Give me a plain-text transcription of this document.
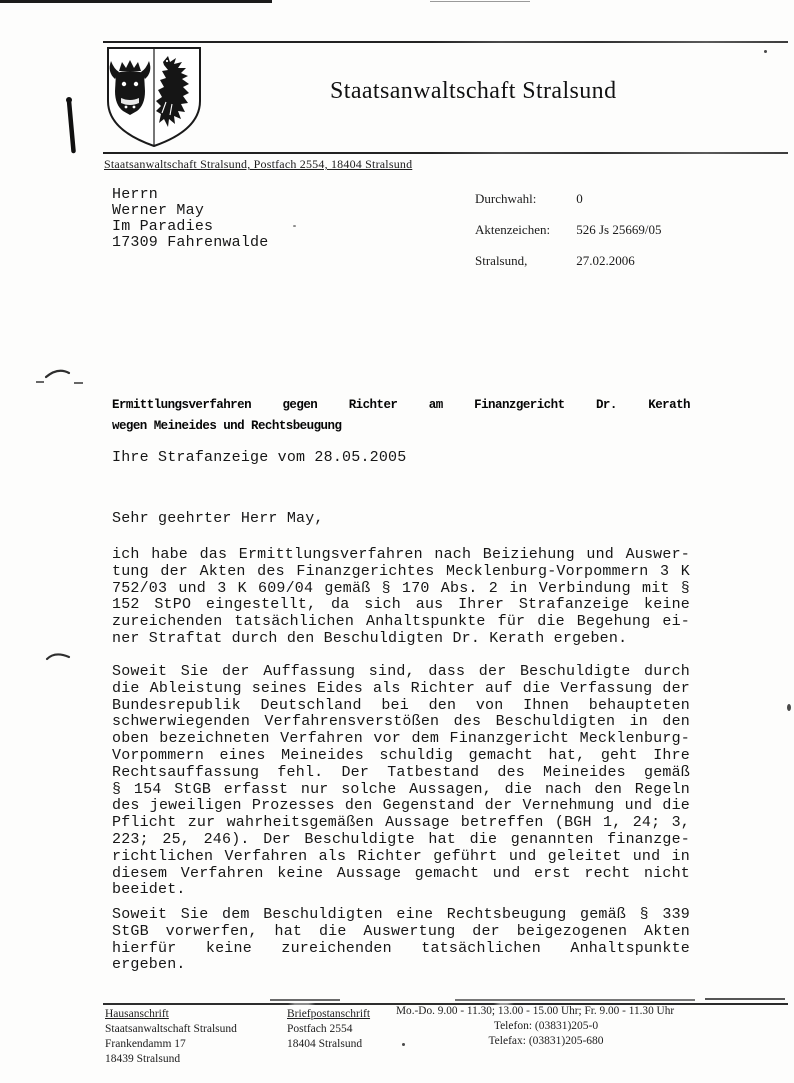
Staatsanwaltschaft Stralsund
Staatsanwaltschaft Stralsund, Postfach 2554, 18404 Stralsund
Herrn
Werner May
Im Paradies
17309 Fahrenwalde
Durchwahl:	0
Aktenzeichen: 526 Js 25669/05
Stralsund,	27.02.2006
Ermittlungsverfahren gegen Richter am Finanzgericht Dr. Kerath
wegen Meineides und Rechtsbeugung
Ihre Strafanzeige vom 28.05.2005
Sehr geehrter Herr May,
ich habe das Ermittlungsverfahren nach Beiziehung und Auswer-
tung der Akten des Finanzgerichtes Mecklenburg-Vorpommern 3 K
752/03 und 3 K 609/04 gemäß § 170 Abs. 2 in Verbindung mit §
152 StPO eingestellt, da sich aus Ihrer Strafanzeige keine
zureichenden tatsächlichen Anhaltspunkte für die Begehung ei-
ner Straftat durch den Beschuldigten Dr. Kerath ergeben.
Soweit Sie der Auffassung sind, dass der Beschuldigte durch
die Ableistung seines Eides als Richter auf die Verfassung der
Bundesrepublik Deutschland bei den von Ihnen behaupteten
schwerwiegenden Verfahrensverstößen des Beschuldigten in den
oben bezeichneten Verfahren vor dem Finanzgericht Mecklenburg-
Vorpommern eines Meineides schuldig gemacht hat, geht Ihre
Rechtsauffassung fehl. Der Tatbestand des Meineides gemäß
§ 154 StGB erfasst nur solche Aussagen, die nach den Regeln
des jeweiligen Prozesses den Gegenstand der Vernehmung und die
Pflicht zur wahrheitsgemäßen Aussage betreffen (BGH 1, 24; 3,
223; 25, 246). Der Beschuldigte hat die genannten finanzge-
richtlichen Verfahren als Richter geführt und geleitet und in
diesem Verfahren keine Aussage gemacht und erst recht nicht
beeidet.
Soweit Sie dem Beschuldigten eine Rechtsbeugung gemäß § 339
StGB vorwerfen, hat die Auswertung der beigezogenen Akten
hierfür keine zureichenden tatsächlichen Anhaltspunkte
ergeben.
Hausanschrift
Staatsanwaltschaft Stralsund
Frankendamm 17
18439 Stralsund
Briefpostanschrift
Postfach 2554
18404 Stralsund
Mo.-Do. 9.00 - 11.30; 13.00 - 15.00 Uhr; Fr. 9.00 - 11.30 Uhr
Telefon: (03831)205-0
Telefax: (03831)205-680
